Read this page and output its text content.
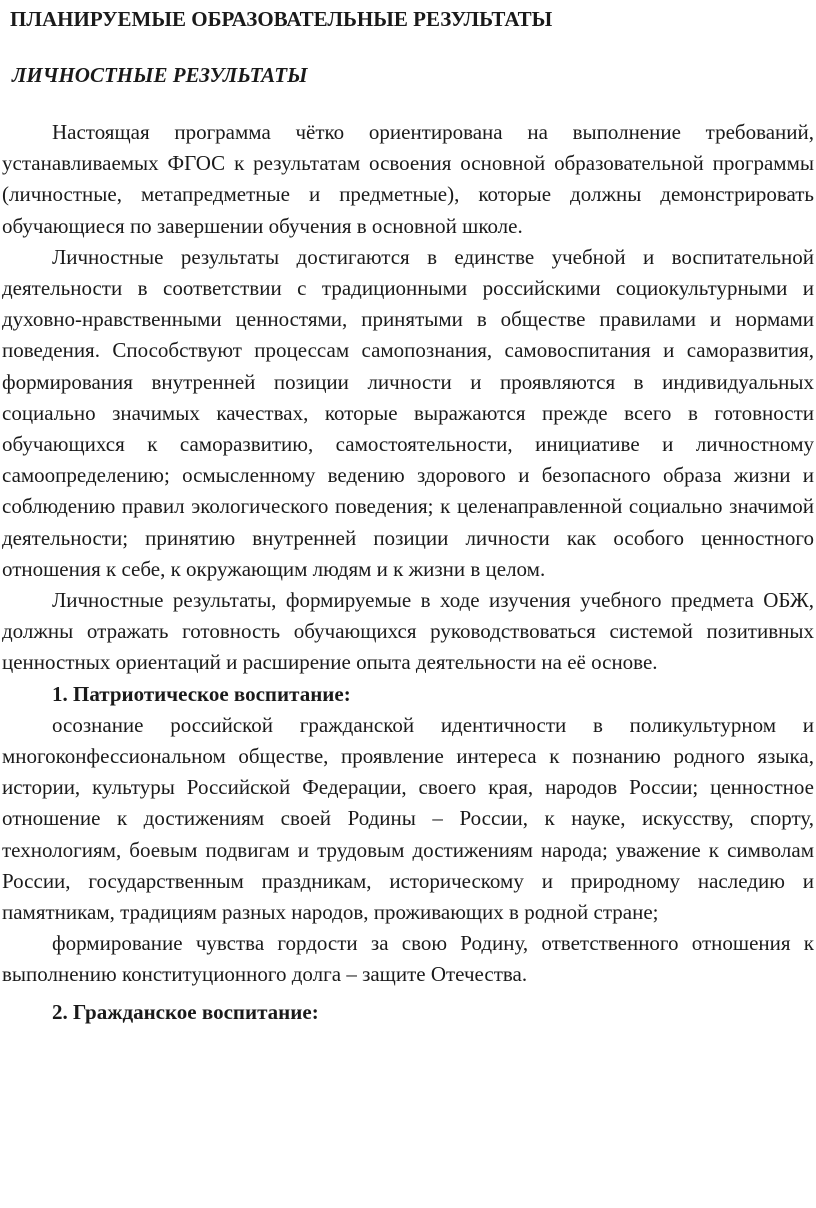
ПЛАНИРУЕМЫЕ ОБРАЗОВАТЕЛЬНЫЕ РЕЗУЛЬТАТЫ
ЛИЧНОСТНЫЕ РЕЗУЛЬТАТЫ

Настоящая программа чётко ориентирована на выполнение требований, устанавливаемых ФГОС к результатам освоения основной образовательной программы (личностные, метапредметные и предметные), которые должны демонстрировать обучающиеся по завершении обучения в основной школе.

Личностные результаты достигаются в единстве учебной и воспитательной деятельности в соответствии с традиционными российскими социокультурными и духовно-нравственными ценностями, принятыми в обществе правилами и нормами поведения. Способствуют процессам самопознания, самовоспитания и саморазвития, формирования внутренней позиции личности и проявляются в индивидуальных социально значимых качествах, которые выражаются прежде всего в готовности обучающихся к саморазвитию, самостоятельности, инициативе и личностному самоопределению; осмысленному ведению здорового и безопасного образа жизни и соблюдению правил экологического поведения; к целенаправленной социально значимой деятельности; принятию внутренней позиции личности как особого ценностного отношения к себе, к окружающим людям и к жизни в целом.

Личностные результаты, формируемые в ходе изучения учебного предмета ОБЖ, должны отражать готовность обучающихся руководствоваться системой позитивных ценностных ориентаций и расширение опыта деятельности на её основе.

1. Патриотическое воспитание:

осознание российской гражданской идентичности в поликультурном и многоконфессиональном обществе, проявление интереса к познанию родного языка, истории, культуры Российской Федерации, своего края, народов России; ценностное отношение к достижениям своей Родины – России, к науке, искусству, спорту, технологиям, боевым подвигам и трудовым достижениям народа; уважение к символам России, государственным праздникам, историческому и природному наследию и памятникам, традициям разных народов, проживающих в родной стране;

формирование чувства гордости за свою Родину, ответственного отношения к выполнению конституционного долга – защите Отечества.

2. Гражданское воспитание:
